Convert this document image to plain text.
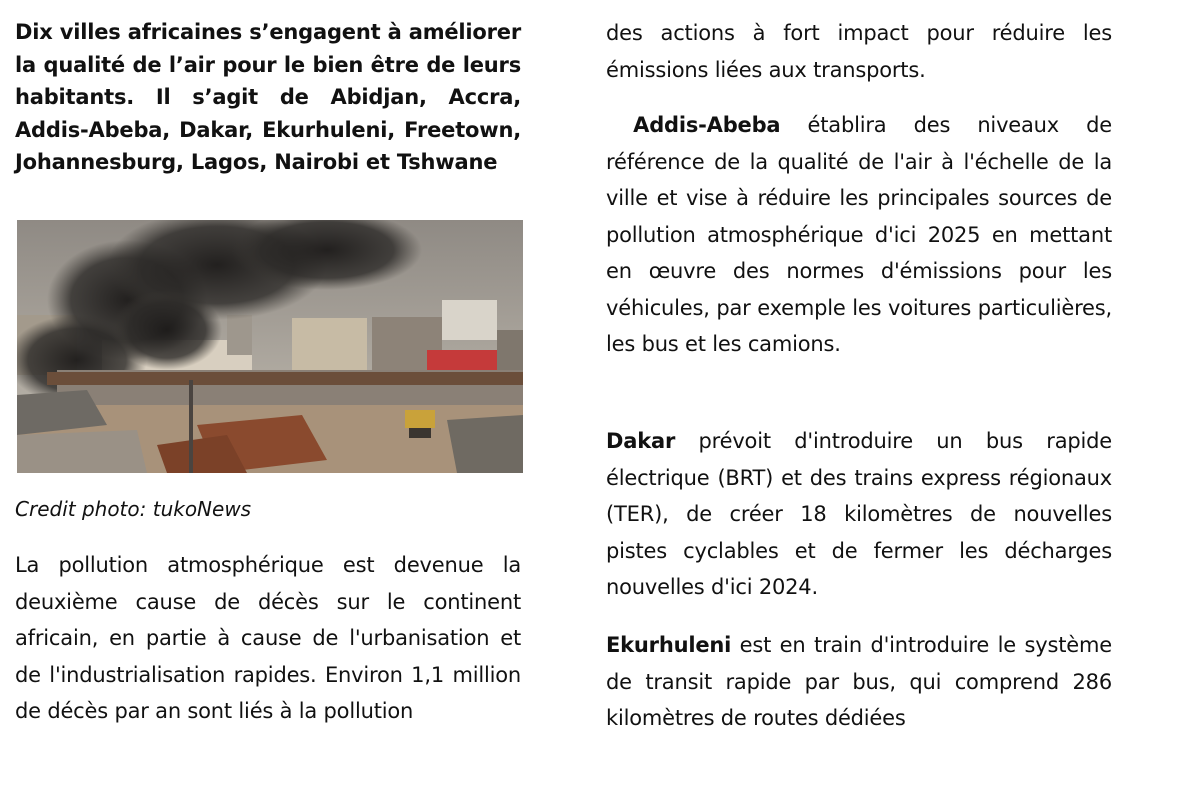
Dix villes africaines s’engagent à améliorer la qualité de l’air pour le bien être de leurs habitants. Il s’agit de Abidjan, Accra, Addis-Abeba, Dakar, Ekurhuleni, Freetown, Johannesburg, Lagos, Nairobi et Tshwane

Credit photo: tukoNews

La pollution atmosphérique est devenue la deuxième cause de décès sur le continent africain, en partie à cause de l'urbanisation et de l'industrialisation rapides. Environ 1,1 million de décès par an sont liés à la pollution

des actions à fort impact pour réduire les émissions liées aux transports.

Addis-Abeba établira des niveaux de référence de la qualité de l'air à l'échelle de la ville et vise à réduire les principales sources de pollution atmosphérique d'ici 2025 en mettant en œuvre des normes d'émissions pour les véhicules, par exemple les voitures particulières, les bus et les camions.

Dakar prévoit d'introduire un bus rapide électrique (BRT) et des trains express régionaux (TER), de créer 18 kilomètres de nouvelles pistes cyclables et de fermer les décharges nouvelles d'ici 2024.

Ekurhuleni est en train d'introduire le système de transit rapide par bus, qui comprend 286 kilomètres de routes dédiées
